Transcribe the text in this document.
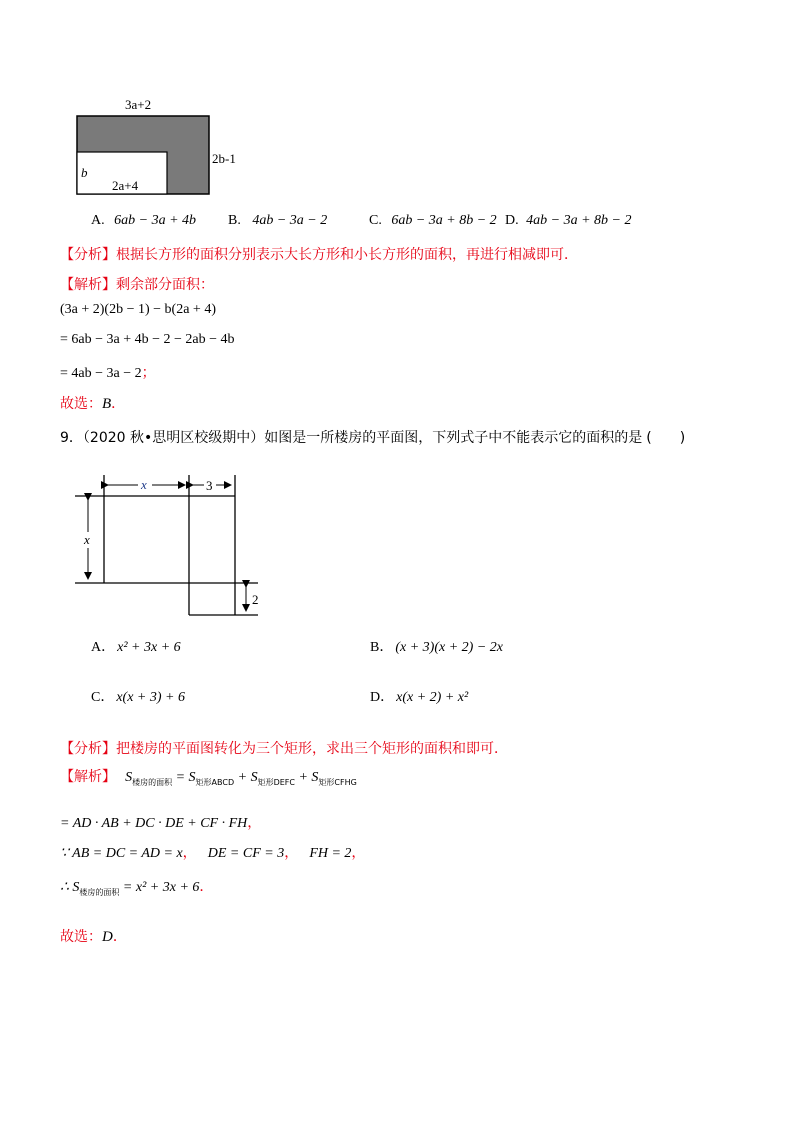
3a+2
2b-1
b
2a+4
A. 6ab − 3a + 4b B. 4ab − 3a − 2	C. 6ab − 3a + 8b − 2 D. 4ab − 3a + 8b − 2
【分析】根据长方形的面积分别表示大长方形和小长方形的面积，再进行相减即可．
【解析】剩余部分面积：
(3a + 2)(2b − 1) − b(2a + 4)
= 6ab − 3a + 4b − 2 − 2ab − 4b
= 4ab − 3a − 2；
故选：B．
9．（2020 秋•思明区校级期中）如图是一所楼房的平面图，下列式子中不能表示它的面积的是 (　　)
x	3
x
2
A． x² + 3x + 6	B． (x + 3)(x + 2) − 2x
C． x(x + 3) + 6	D． x(x + 2) + x²
【分析】把楼房的平面图转化为三个矩形，求出三个矩形的面积和即可．
【解析】 $S_{楼房的面积} = S_{矩形ABCD} + S_{矩形DEFC} + S_{矩形CFHG}$
= AD · AB + DC · DE + CF · FH，
∵ AB = DC = AD = x， DE = CF = 3， FH = 2，
∴ $S_{楼房的面积} = x^2 + 3x + 6$．
故选：D．
